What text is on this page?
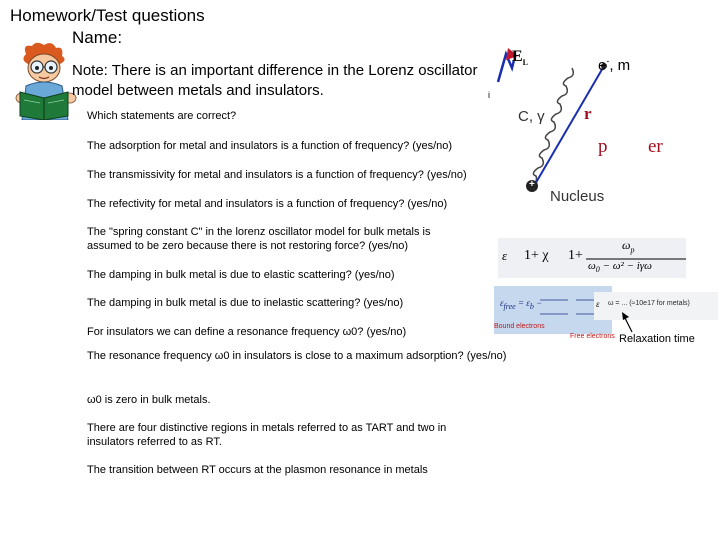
Homework/Test questions
Name:
Note: There is an important difference in the Lorenz oscillator model between metals and insulators.	i
Which statements are correct?
The adsorption for metal and insulators is a function of frequency? (yes/no)
The transmissivity for metal and insulators is a function of frequency? (yes/no)
The refectivity for metal and insulators is a function of frequency? (yes/no)
The "spring constant C" in the lorenz oscillator model for bulk metals is assumed to be zero because there is not restoring force? (yes/no)
The damping in bulk metal is due to elastic scattering? (yes/no)
The damping in bulk metal is due to inelastic scattering? (yes/no)
For insulators we can define a resonance frequency ω0? (yes/no)
The resonance frequency ω0 in insulators is close to a maximum adsorption? (yes/no)
ω0 is zero in bulk metals.
There are four distinctive regions in metals referred to as TART and two in insulators referred to as RT.
The transition between RT occurs at the plasmon resonance in metals
$E_L$	e-, m
C, γ r
p er
+
Nucleus
ε 1+ χ 1+
$\omega_p$
$\omega_0 - \omega^2 - i\gamma\omega$
$\varepsilon_{free} = \varepsilon_b$ −
Bound electrons
Free electrons
ε ω = ... (≈10e17 for metals)
Relaxation time
